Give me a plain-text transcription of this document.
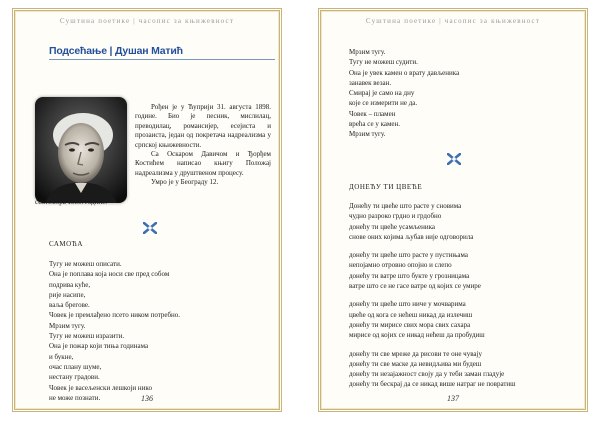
Суштина поетике | часопис за књижевност
Подсећање | Душан Матић

Рођен је у Ћуприји 31. августа 1898. године. Био је песник, мислилац, преводилац, романсијер, есејиста и прозаиста, један од покретача надреализма у српској књижевности.

Са Оскаром Давичом и Ђорђем Костићем написао књигу Положај надреализма у друштвеном процесу.

Умро је у Београду 12.

септембра 1980. године.
САМОЋА
Тугу не можеш описати.
Она је поплава која носи све пред собом
подрива куће,
рије насипе,
ваља брегове.
Човек је премлађено псето ником потребно.
Мрзим тугу.
Тугу не можеш изразити.
Она је пожар који тиња годинама
и букне,
очас плану шуме,
нестану градови.
Човек је васељенски лешкоји нико
не може познати.	136
Суштина поетике | часопис за књижевност
Мрзим тугу.
Тугу не можеш судити.
Она је увек камен о врату дављеника
занавек везан.
Смирај је само на дну
које се измерити не да.
Човек – пламен
врећа се у камен.
Мрзим тугу.
ДОНЕЋУ ТИ ЦВЕЋЕ
Донећу ти цвеће што расте у сновима
чудно разроко грдно и грдобно
донећу ти цвеће усамљеника
снове оних којима љубав није одговорила
донећу ти цвеће што расте у пустињама
непојамно отровно опојно и слепо
донећу ти ватре што букте у грозницама
ватре што се не гасе ватре од којих се умире
донећу ти цвеће што ниче у мочварима
цвеће од кога се нећеш никад да излечиш
донећу ти мирисе свих мора свих сахара
мирисе од којих се никад нећеш да пробудиш
донећу ти све мреже да рисови те оне чувају
донећу ти све маске да невидљива ми будеш
донећу ти незајажност своју да у теби заман гладује
донећу ти бескрај да се никад више натраг не повратиш
137
